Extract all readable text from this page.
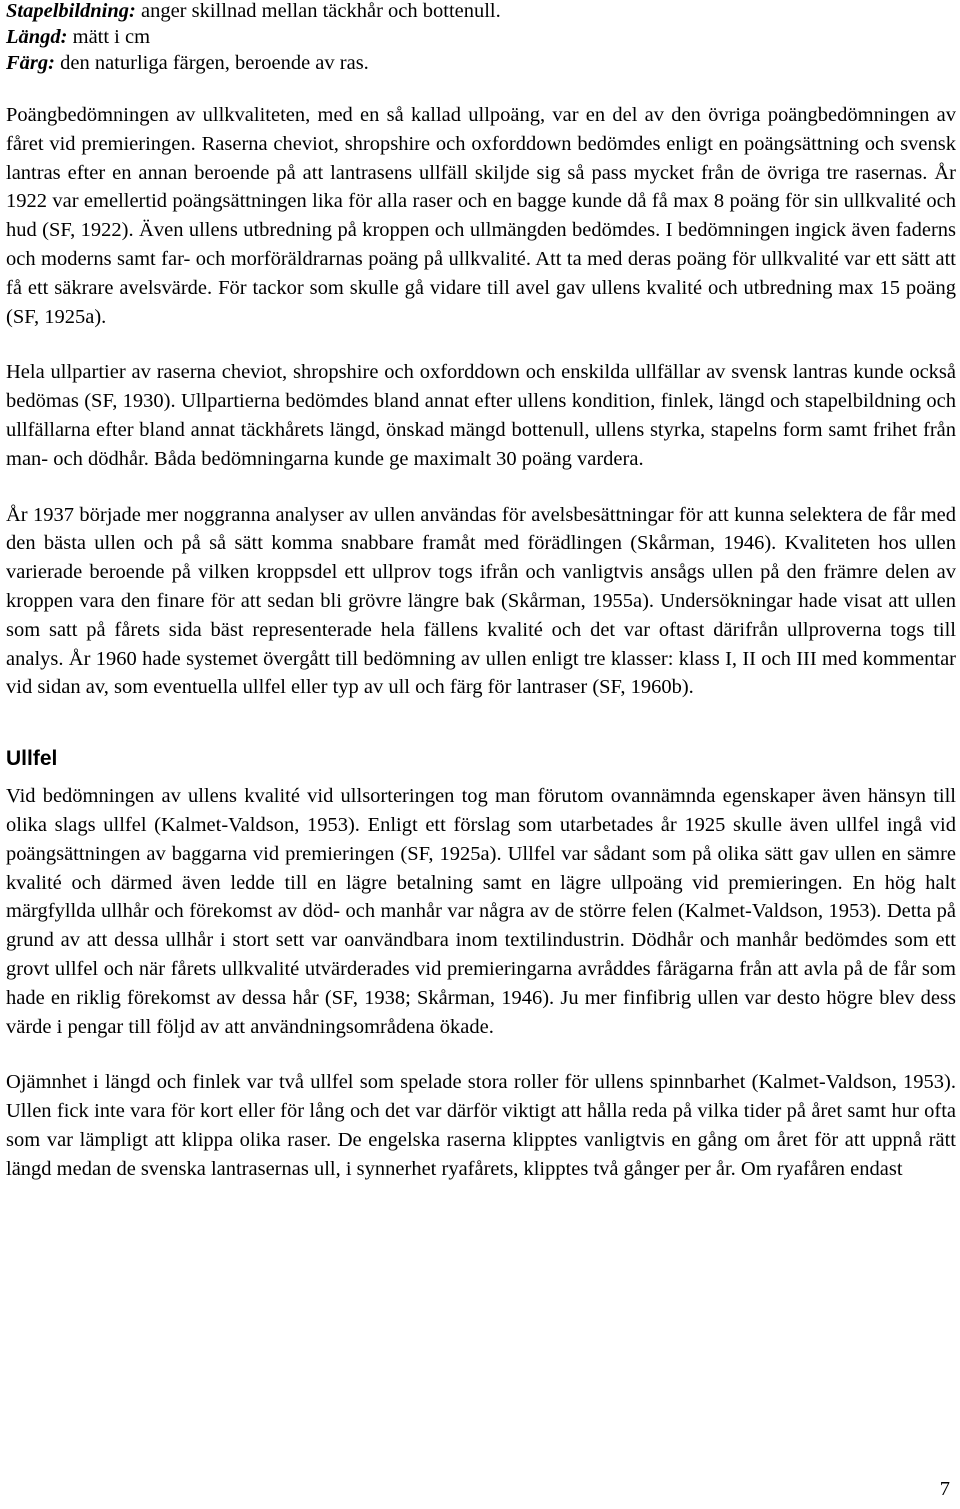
Stapelbildning: anger skillnad mellan täckhår och bottenull.
Längd: mätt i cm
Färg: den naturliga färgen, beroende av ras.

Poängbedömningen av ullkvaliteten, med en så kallad ullpoäng, var en del av den övriga poängbedömningen av fåret vid premieringen. Raserna cheviot, shropshire och oxforddown bedömdes enligt en poängsättning och svensk lantras efter en annan beroende på att lantrasens ullfäll skiljde sig så pass mycket från de övriga tre rasernas. År 1922 var emellertid poängsättningen lika för alla raser och en bagge kunde då få max 8 poäng för sin ullkvalité och hud (SF, 1922). Även ullens utbredning på kroppen och ullmängden bedömdes. I bedömningen ingick även faderns och moderns samt far- och morföräldrarnas poäng på ullkvalité. Att ta med deras poäng för ullkvalité var ett sätt att få ett säkrare avelsvärde. För tackor som skulle gå vidare till avel gav ullens kvalité och utbredning max 15 poäng (SF, 1925a).

Hela ullpartier av raserna cheviot, shropshire och oxforddown och enskilda ullfällar av svensk lantras kunde också bedömas (SF, 1930). Ullpartierna bedömdes bland annat efter ullens kondition, finlek, längd och stapelbildning och ullfällarna efter bland annat täckhårets längd, önskad mängd bottenull, ullens styrka, stapelns form samt frihet från man- och dödhår. Båda bedömningarna kunde ge maximalt 30 poäng vardera.

År 1937 började mer noggranna analyser av ullen användas för avelsbesättningar för att kunna selektera de får med den bästa ullen och på så sätt komma snabbare framåt med förädlingen (Skårman, 1946). Kvaliteten hos ullen varierade beroende på vilken kroppsdel ett ullprov togs ifrån och vanligtvis ansågs ullen på den främre delen av kroppen vara den finare för att sedan bli grövre längre bak (Skårman, 1955a). Undersökningar hade visat att ullen som satt på fårets sida bäst representerade hela fällens kvalité och det var oftast därifrån ullproverna togs till analys. År 1960 hade systemet övergått till bedömning av ullen enligt tre klasser: klass I, II och III med kommentar vid sidan av, som eventuella ullfel eller typ av ull och färg för lantraser (SF, 1960b).

Ullfel

Vid bedömningen av ullens kvalité vid ullsorteringen tog man förutom ovannämnda egenskaper även hänsyn till olika slags ullfel (Kalmet-Valdson, 1953). Enligt ett förslag som utarbetades år 1925 skulle även ullfel ingå vid poängsättningen av baggarna vid premieringen (SF, 1925a). Ullfel var sådant som på olika sätt gav ullen en sämre kvalité och därmed även ledde till en lägre betalning samt en lägre ullpoäng vid premieringen. En hög halt märgfyllda ullhår och förekomst av död- och manhår var några av de större felen (Kalmet-Valdson, 1953). Detta på grund av att dessa ullhår i stort sett var oanvändbara inom textilindustrin. Dödhår och manhår bedömdes som ett grovt ullfel och när fårets ullkvalité utvärderades vid premieringarna avråddes fårägarna från att avla på de får som hade en riklig förekomst av dessa hår (SF, 1938; Skårman, 1946). Ju mer finfibrig ullen var desto högre blev dess värde i pengar till följd av att användningsområdena ökade.

Ojämnhet i längd och finlek var två ullfel som spelade stora roller för ullens spinnbarhet (Kalmet-Valdson, 1953). Ullen fick inte vara för kort eller för lång och det var därför viktigt att hålla reda på vilka tider på året samt hur ofta som var lämpligt att klippa olika raser. De engelska raserna klipptes vanligtvis en gång om året för att uppnå rätt längd medan de svenska lantrasernas ull, i synnerhet ryafårets, klipptes två gånger per år. Om ryafåren endast

7
